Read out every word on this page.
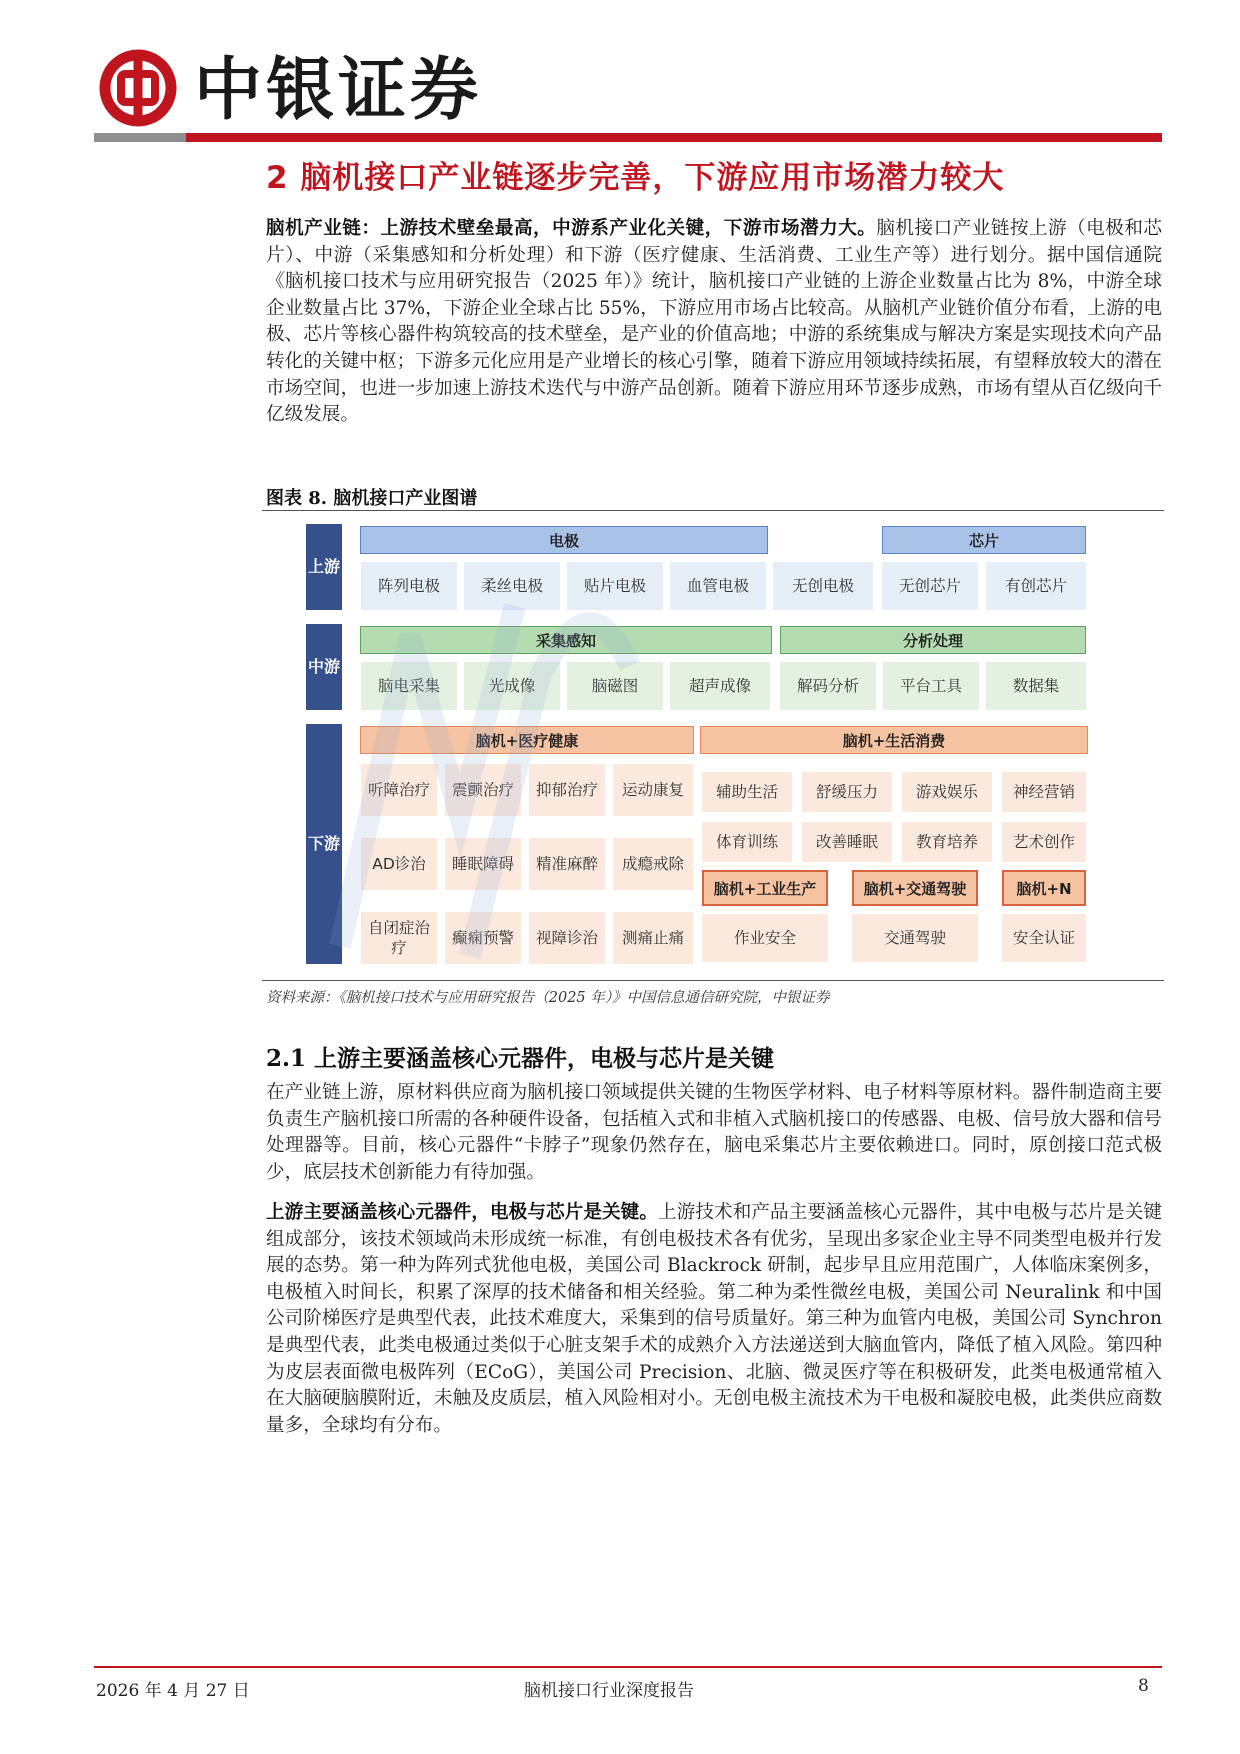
中银证券
2 脑机接口产业链逐步完善，下游应用市场潜力较大
脑机产业链：上游技术壁垒最高，中游系产业化关键，下游市场潜力大。脑机接口产业链按上游（电极和芯片）、中游（采集感知和分析处理）和下游（医疗健康、生活消费、工业生产等）进行划分。据中国信通院《脑机接口技术与应用研究报告（2025 年）》统计，脑机接口产业链的上游企业数量占比为 8%，中游全球企业数量占比 37%，下游企业全球占比 55%，下游应用市场占比较高。从脑机产业链价值分布看，上游的电极、芯片等核心器件构筑较高的技术壁垒，是产业的价值高地；中游的系统集成与解决方案是实现技术向产品转化的关键中枢；下游多元化应用是产业增长的核心引擎，随着下游应用领域持续拓展，有望释放较大的潜在市场空间，也进一步加速上游技术迭代与中游产品创新。随着下游应用环节逐步成熟，市场有望从百亿级向千亿级发展。
图表 8. 脑机接口产业图谱
上游
电极	芯片
阵列电极	柔丝电极	贴片电极	血管电极	无创电极	无创芯片	有创芯片
中游
采集感知	分析处理
脑电采集	光成像	脑磁图	超声成像	解码分析	平台工具	数据集
下游
脑机+医疗健康	脑机+生活消费
听障治疗	震颤治疗	抑郁治疗	运动康复
AD诊治	睡眠障碍	精准麻醉	成瘾戒除
自闭症治疗
癫痫预警	视障诊治	测痛止痛
辅助生活	舒缓压力	游戏娱乐	神经营销
体育训练	改善睡眠	教育培养	艺术创作
脑机+工业生产	脑机+交通驾驶	脑机+N
作业安全	交通驾驶	安全认证
资料来源：《脑机接口技术与应用研究报告（2025 年）》中国信息通信研究院，中银证券
2.1 上游主要涵盖核心元器件，电极与芯片是关键
在产业链上游，原材料供应商为脑机接口领域提供关键的生物医学材料、电子材料等原材料。器件制造商主要负责生产脑机接口所需的各种硬件设备，包括植入式和非植入式脑机接口的传感器、电极、信号放大器和信号处理器等。目前，核心元器件“卡脖子”现象仍然存在，脑电采集芯片主要依赖进口。同时，原创接口范式极少，底层技术创新能力有待加强。
上游主要涵盖核心元器件，电极与芯片是关键。上游技术和产品主要涵盖核心元器件，其中电极与芯片是关键组成部分，该技术领域尚未形成统一标准，有创电极技术各有优劣，呈现出多家企业主导不同类型电极并行发展的态势。第一种为阵列式犹他电极，美国公司 Blackrock 研制，起步早且应用范围广，人体临床案例多，电极植入时间长，积累了深厚的技术储备和相关经验。第二种为柔性微丝电极，美国公司 Neuralink 和中国公司阶梯医疗是典型代表，此技术难度大，采集到的信号质量好。第三种为血管内电极，美国公司 Synchron 是典型代表，此类电极通过类似于心脏支架手术的成熟介入方法递送到大脑血管内，降低了植入风险。第四种为皮层表面微电极阵列（ECoG），美国公司 Precision、北脑、微灵医疗等在积极研发，此类电极通常植入在大脑硬脑膜附近，未触及皮质层，植入风险相对小。无创电极主流技术为干电极和凝胶电极，此类供应商数量多，全球均有分布。
2026 年 4 月 27 日	脑机接口行业深度报告	8
